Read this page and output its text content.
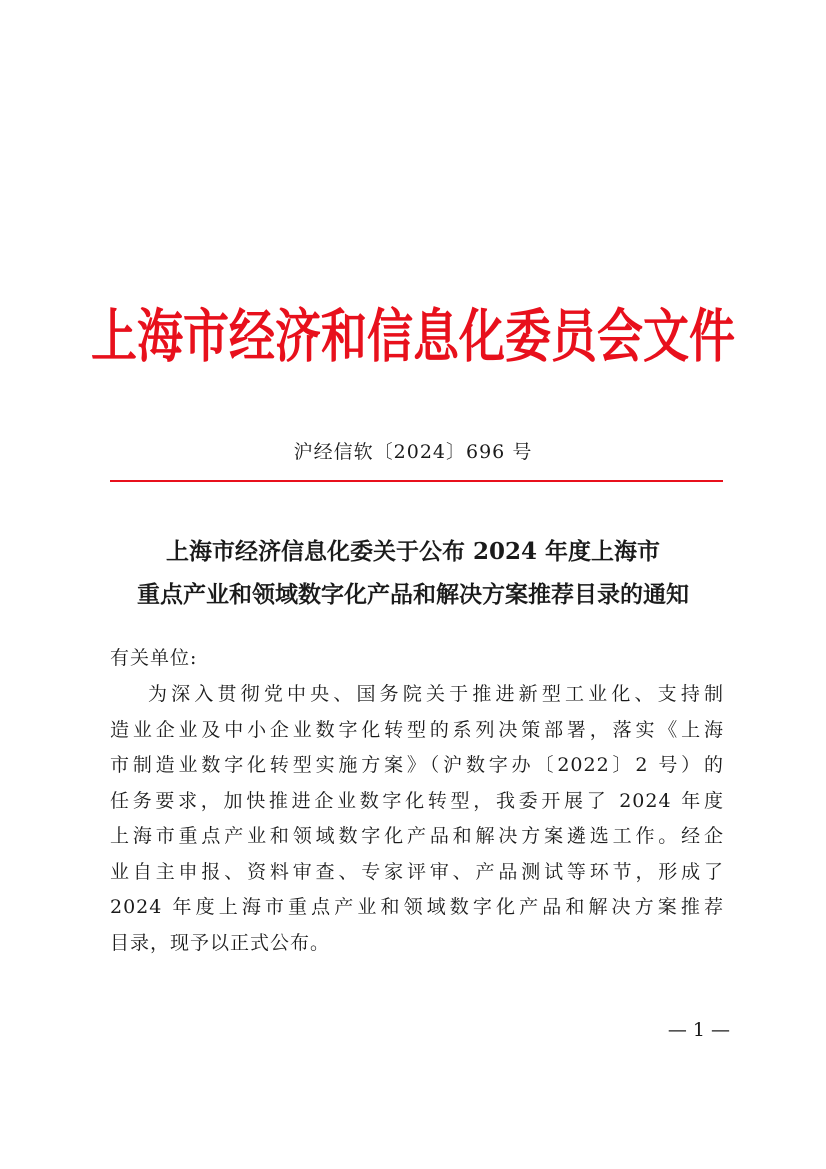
上海市经济和信息化委员会文件
沪经信软〔2024〕696 号
上海市经济信息化委关于公布 2024 年度上海市
重点产业和领域数字化产品和解决方案推荐目录的通知
有关单位:
为深入贯彻党中央、国务院关于推进新型工业化、支持制
造业企业及中小企业数字化转型的系列决策部署，落实《上海
市制造业数字化转型实施方案》（沪数字办〔2022〕2 号）的
任务要求，加快推进企业数字化转型，我委开展了 2024 年度
上海市重点产业和领域数字化产品和解决方案遴选工作。经企
业自主申报、资料审查、专家评审、产品测试等环节，形成了
2024 年度上海市重点产业和领域数字化产品和解决方案推荐
目录，现予以正式公布。
— 1 —
